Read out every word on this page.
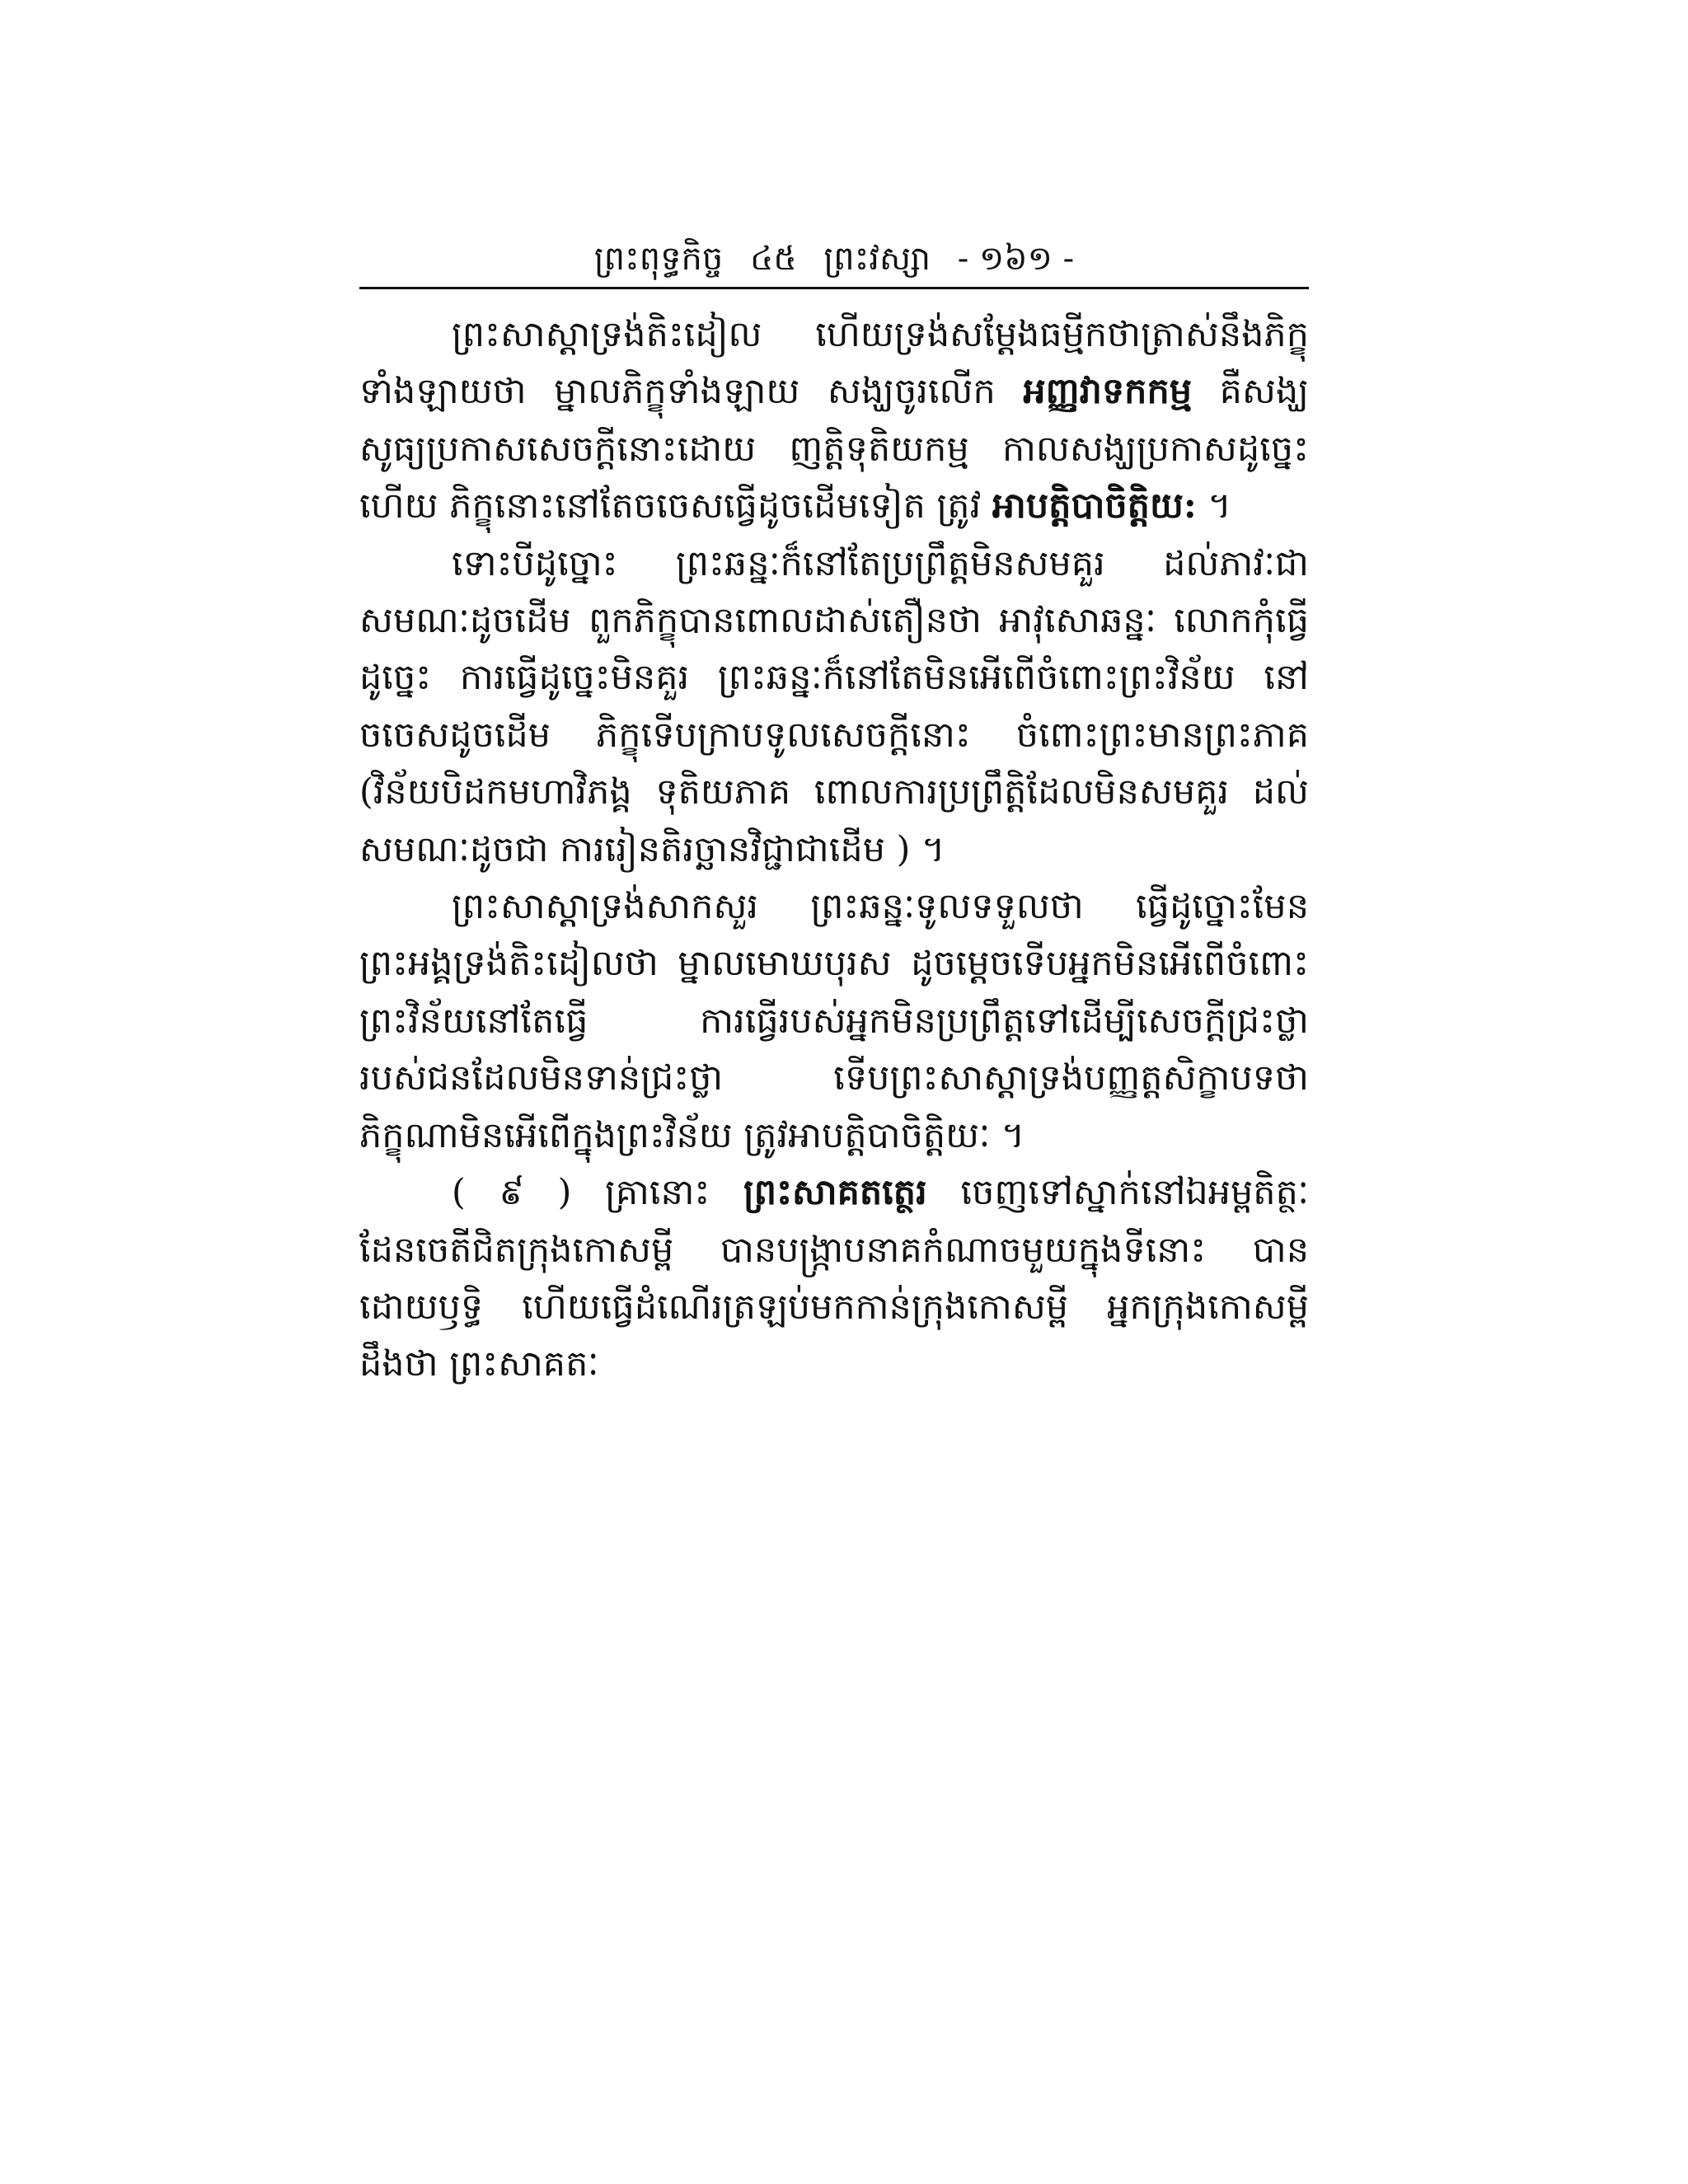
ព្រះពុទ្ធកិច្ច ៤៥ ព្រះវស្សា - ១៦១ -

ព្រះសាស្តាទ្រង់តិះដៀល ហើយទ្រង់សម្តែងធម្មីកថាត្រាស់នឹងភិក្ខុទាំងឡាយថា ម្នាលភិក្ខុទាំងឡាយ សង្ឃចូរលើក អញ្ញវាទកកម្ម គឺសង្ឃសូធ្យប្រកាសសេចក្តីនោះដោយ ញត្តិទុតិយកម្ម កាលសង្ឃប្រកាសដូច្នេះហើយ ភិក្ខុនោះនៅតែចចេសធ្វើដូចដើមទៀត ត្រូវ អាបត្តិបាចិត្តិយ: ។

ទោះបីដូច្នោះ ព្រះឆន្នៈក៏នៅតែប្រព្រឹត្តមិនសមគួរ ដល់ភាវៈជាសមណៈដូចដើម ពួកភិក្ខុបានពោលដាស់តឿនថា អាវុសោឆន្នៈ លោកកុំធ្វើដូច្នេះ ការធ្វើដូច្នេះមិនគួរ ព្រះឆន្នៈក៏នៅតែមិនអើពើចំពោះព្រះវិន័យ នៅចចេសដូចដើម ភិក្ខុទើបក្រាបទូលសេចក្តីនោះ ចំពោះព្រះមានព្រះភាគ (វិន័យបិដកមហាវិភង្គ ទុតិយភាគ ពោលការប្រព្រឹត្តិដែលមិនសមគួរ ដល់សមណៈដូចជា ការរៀនតិរច្ឆានវិជ្ជាជាដើម ) ។

ព្រះសាស្តាទ្រង់សាកសួរ ព្រះឆន្នៈទូលទទួលថា ធ្វើដូច្នោះមែន ព្រះអង្គទ្រង់តិះដៀលថា ម្នាលមោឃបុរស ដូចម្តេចទើបអ្នកមិនអើពើចំពោះព្រះវិន័យនៅតែធ្វើ ការធ្វើរបស់អ្នកមិនប្រព្រឹត្តទៅដើម្បីសេចក្តីជ្រះថ្លា របស់ជនដែលមិនទាន់ជ្រះថ្លា ទើបព្រះសាស្តាទ្រង់បញ្ញត្តសិក្ខាបទថា ភិក្ខុណាមិនអើពើក្នុងព្រះវិន័យ ត្រូវអាបត្តិបាចិត្តិយៈ ។

( ៩ ) គ្រានោះ ព្រះសាគតត្ថេរ ចេញទៅស្នាក់នៅឯអម្ពតិត្ថៈ ដែនចេតីជិតក្រុងកោសម្ពី បានបង្ក្រាបនាគកំណាចមួយក្នុងទីនោះ បានដោយឫទ្ធិ ហើយធ្វើដំណើរត្រឡប់មកកាន់ក្រុងកោសម្ពី អ្នកក្រុងកោសម្ពីដឹងថា ព្រះសាគតៈ
